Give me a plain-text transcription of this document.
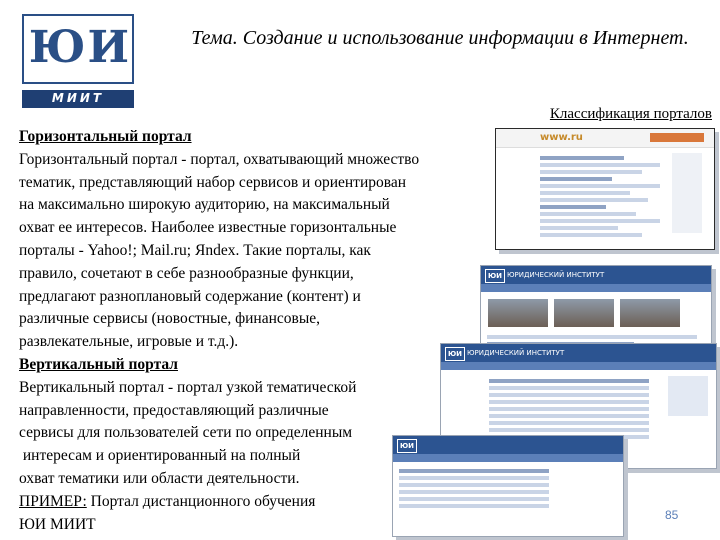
ЮИ
МИИТ
Тема. Создание и использование информации в Интернет.
Классификация порталов
Горизонтальный портал
Горизонтальный портал - портал, охватывающий множество
тематик, представляющий набор сервисов и ориентирован
на максимально широкую аудиторию, на максимальный
охват ее интересов. Наиболее известные горизонтальные
порталы - Yahoo!; Mail.ru; Яndex. Такие порталы, как
правило, сочетают в себе разнообразные функции,
предлагают разноплановый содержание (контент) и
различные сервисы (новостные, финансовые,
развлекательные, игровые и т.д.).
Вертикальный портал
Вертикальный портал - портал узкой тематической
направленности, предоставляющий различные
сервисы для пользователей сети по определенным
интересам и ориентированный на полный
охват тематики или области деятельности.
ПРИМЕР: Портал дистанционного обучения
ЮИ МИИТ
www.ru
ЮИ ЮРИДИЧЕСКИЙ ИНСТИТУТ
ЮИ ЮРИДИЧЕСКИЙ ИНСТИТУТ
ЮИ
85
